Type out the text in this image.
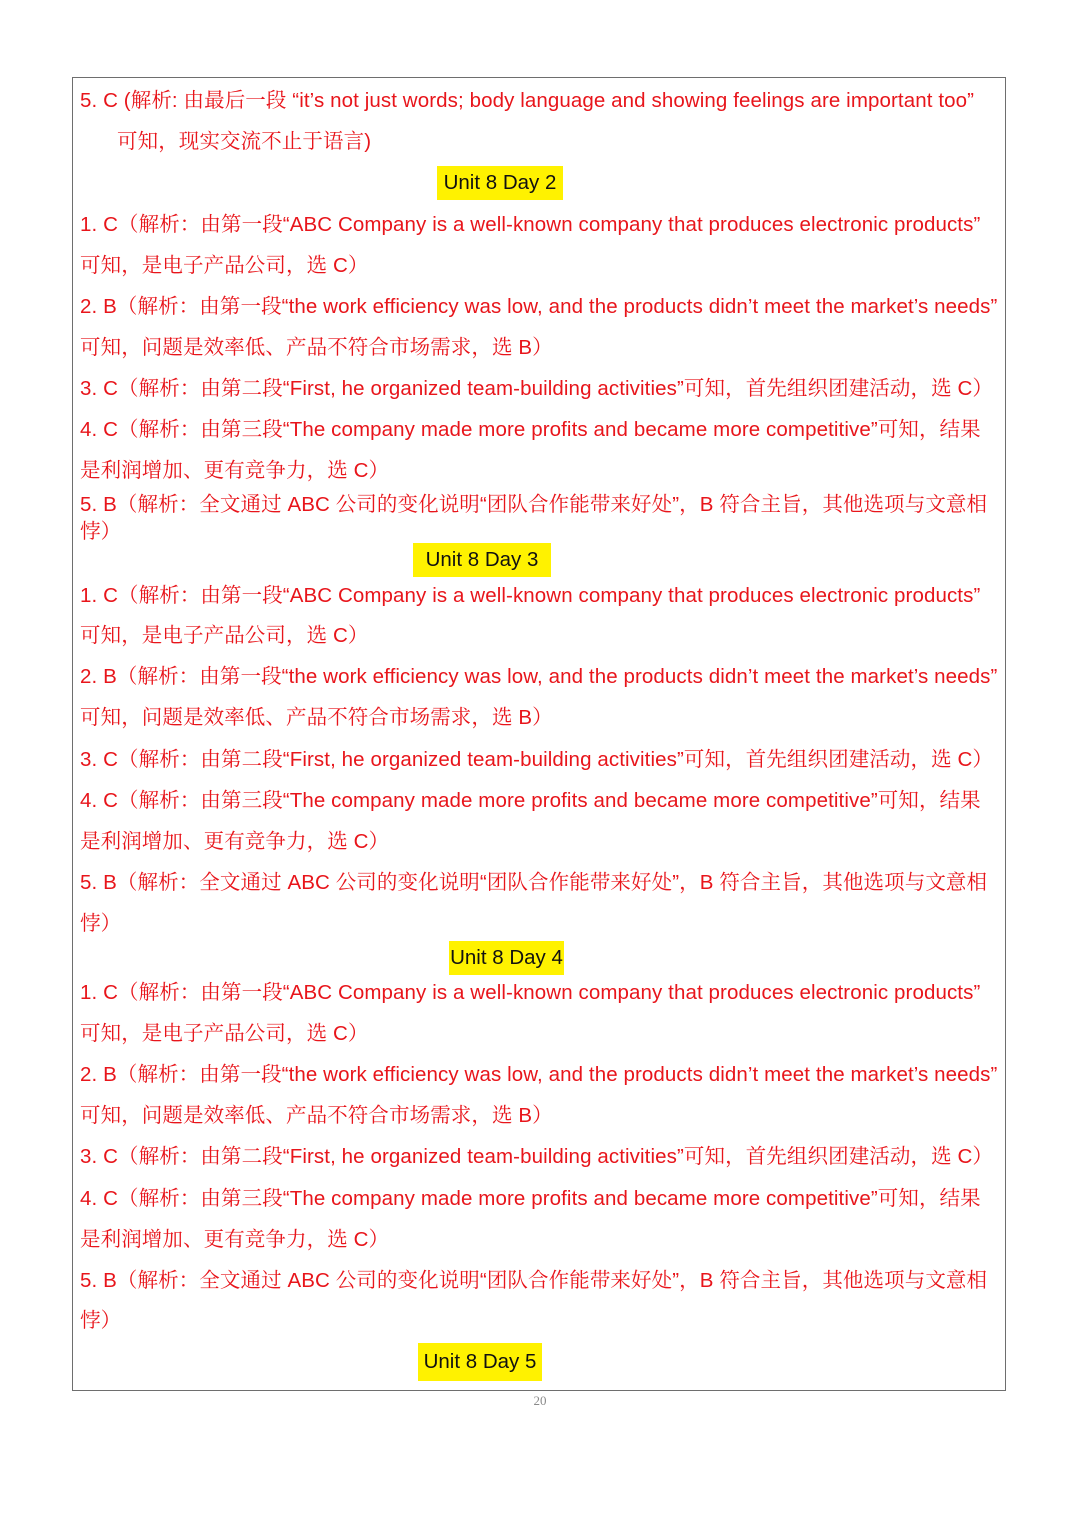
5. C (解析: 由最后一段 “it’s not just words; body language and showing feelings are important too”
可知，现实交流不止于语言)
Unit 8 Day 2
1. C（解析：由第一段“ABC Company is a well-known company that produces electronic products”
可知，是电子产品公司，选 C）
2. B（解析：由第一段“the work efficiency was low, and the products didn’t meet the market’s needs”
可知，问题是效率低、产品不符合市场需求，选 B）
3. C（解析：由第二段“First, he organized team-building activities”可知，首先组织团建活动，选 C）
4. C（解析：由第三段“The company made more profits and became more competitive”可知，结果
是利润增加、更有竞争力，选 C）
5. B（解析：全文通过 ABC 公司的变化说明“团队合作能带来好处”，B 符合主旨，其他选项与文意相
悖）
Unit 8 Day 3
1. C（解析：由第一段“ABC Company is a well-known company that produces electronic products”
可知，是电子产品公司，选 C）
2. B（解析：由第一段“the work efficiency was low, and the products didn’t meet the market’s needs”
可知，问题是效率低、产品不符合市场需求，选 B）
3. C（解析：由第二段“First, he organized team-building activities”可知，首先组织团建活动，选 C）
4. C（解析：由第三段“The company made more profits and became more competitive”可知，结果
是利润增加、更有竞争力，选 C）
5. B（解析：全文通过 ABC 公司的变化说明“团队合作能带来好处”，B 符合主旨，其他选项与文意相
悖）
Unit 8 Day 4
1. C（解析：由第一段“ABC Company is a well-known company that produces electronic products”
可知，是电子产品公司，选 C）
2. B（解析：由第一段“the work efficiency was low, and the products didn’t meet the market’s needs”
可知，问题是效率低、产品不符合市场需求，选 B）
3. C（解析：由第二段“First, he organized team-building activities”可知，首先组织团建活动，选 C）
4. C（解析：由第三段“The company made more profits and became more competitive”可知，结果
是利润增加、更有竞争力，选 C）
5. B（解析：全文通过 ABC 公司的变化说明“团队合作能带来好处”，B 符合主旨，其他选项与文意相
悖）
Unit 8 Day 5
20
